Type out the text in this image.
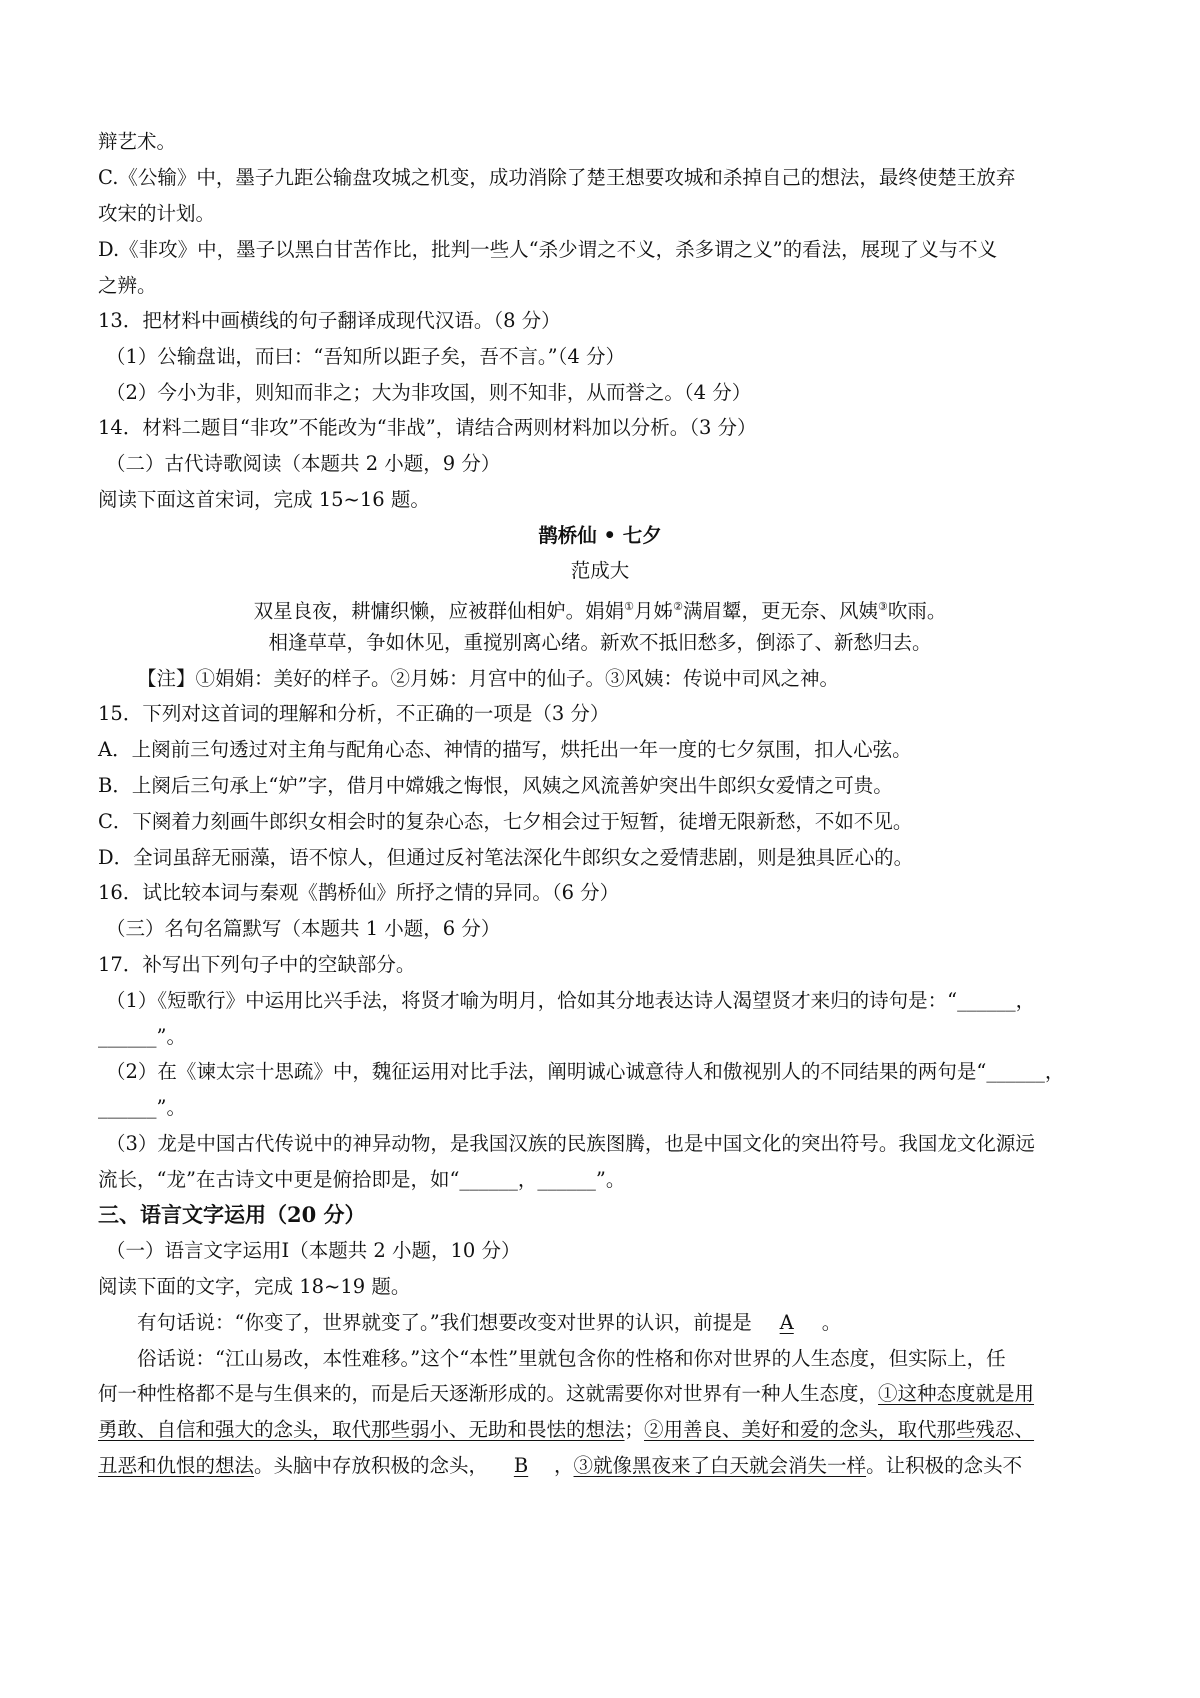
辩艺术。
C.《公输》中，墨子九距公输盘攻城之机变，成功消除了楚王想要攻城和杀掉自己的想法，最终使楚王放弃
攻宋的计划。
D.《非攻》中，墨子以黑白甘苦作比，批判一些人“杀少谓之不义，杀多谓之义”的看法，展现了义与不义
之辨。
13．把材料中画横线的句子翻译成现代汉语。（8 分）
（1）公输盘诎，而曰：“吾知所以距子矣，吾不言。”（4 分）
（2）今小为非，则知而非之；大为非攻国，则不知非，从而誉之。（4 分）
14．材料二题目“非攻”不能改为“非战”，请结合两则材料加以分析。（3 分）
（二）古代诗歌阅读（本题共 2 小题，9 分）
阅读下面这首宋词，完成 15~16 题。
鹊桥仙 • 七夕
范成大
双星良夜，耕慵织懒，应被群仙相妒。娟娟①月姊②满眉颦，更无奈、风姨③吹雨。
相逢草草，争如休见，重搅别离心绪。新欢不抵旧愁多，倒添了、新愁归去。
【注】①娟娟：美好的样子。②月姊：月宫中的仙子。③风姨：传说中司风之神。
15．下列对这首词的理解和分析，不正确的一项是（3 分）
A．上阕前三句透过对主角与配角心态、神情的描写，烘托出一年一度的七夕氛围，扣人心弦。
B．上阕后三句承上“妒”字，借月中嫦娥之悔恨，风姨之风流善妒突出牛郎织女爱情之可贵。
C．下阕着力刻画牛郎织女相会时的复杂心态，七夕相会过于短暂，徒增无限新愁，不如不见。
D．全词虽辞无丽藻，语不惊人，但通过反衬笔法深化牛郎织女之爱情悲剧，则是独具匠心的。
16．试比较本词与秦观《鹊桥仙》所抒之情的异同。（6 分）
（三）名句名篇默写（本题共 1 小题，6 分）
17．补写出下列句子中的空缺部分。
（1）《短歌行》中运用比兴手法，将贤才喻为明月，恰如其分地表达诗人渴望贤才来归的诗句是：“______，
______”。
（2）在《谏太宗十思疏》中，魏征运用对比手法，阐明诚心诚意待人和傲视别人的不同结果的两句是“______，
______”。
（3）龙是中国古代传说中的神异动物，是我国汉族的民族图腾，也是中国文化的突出符号。我国龙文化源远
流长，“龙”在古诗文中更是俯拾即是，如“______，______”。
三、语言文字运用（20 分）
（一）语言文字运用Ⅰ（本题共 2 小题，10 分）
阅读下面的文字，完成 18~19 题。
有句话说：“你变了，世界就变了。”我们想要改变对世界的认识，前提是 A 。
俗话说：“江山易改，本性难移。”这个“本性”里就包含你的性格和你对世界的人生态度，但实际上，任
何一种性格都不是与生俱来的，而是后天逐渐形成的。这就需要你对世界有一种人生态度，①这种态度就是用
勇敢、自信和强大的念头，取代那些弱小、无助和畏怯的想法；②用善良、美好和爱的念头，取代那些残忍、
丑恶和仇恨的想法。头脑中存放积极的念头， B ，③就像黑夜来了白天就会消失一样。让积极的念头不
